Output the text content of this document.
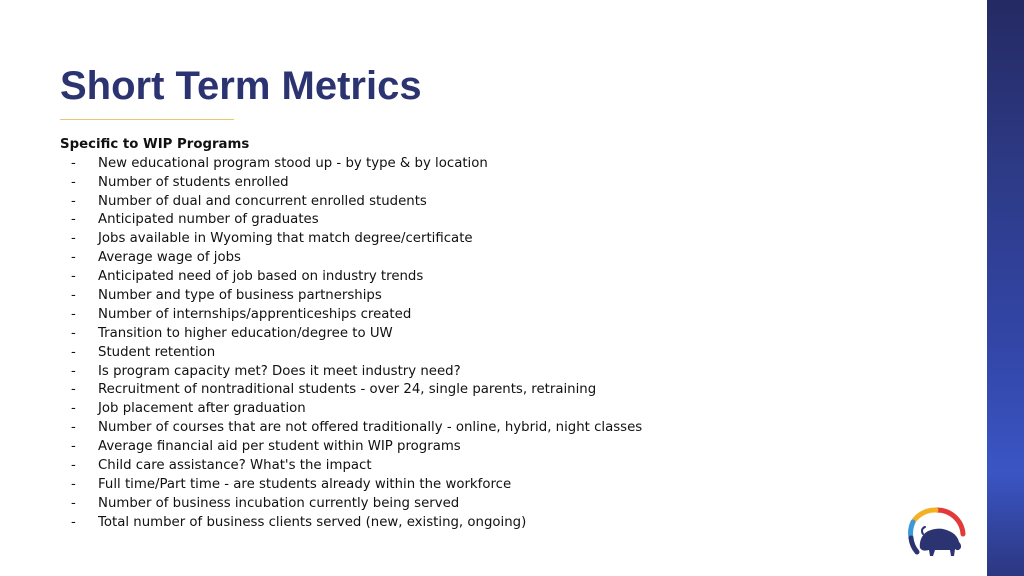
Short Term Metrics
Specific to WIP Programs
- New educational program stood up - by type & by location
- Number of students enrolled
- Number of dual and concurrent enrolled students
- Anticipated number of graduates
- Jobs available in Wyoming that match degree/certificate
- Average wage of jobs
- Anticipated need of job based on industry trends
- Number and type of business partnerships
- Number of internships/apprenticeships created
- Transition to higher education/degree to UW
- Student retention
- Is program capacity met? Does it meet industry need?
- Recruitment of nontraditional students - over 24, single parents, retraining
- Job placement after graduation
- Number of courses that are not offered traditionally - online, hybrid, night classes
- Average financial aid per student within WIP programs
- Child care assistance? What's the impact
- Full time/Part time - are students already within the workforce
- Number of business incubation currently being served
- Total number of business clients served (new, existing, ongoing)
